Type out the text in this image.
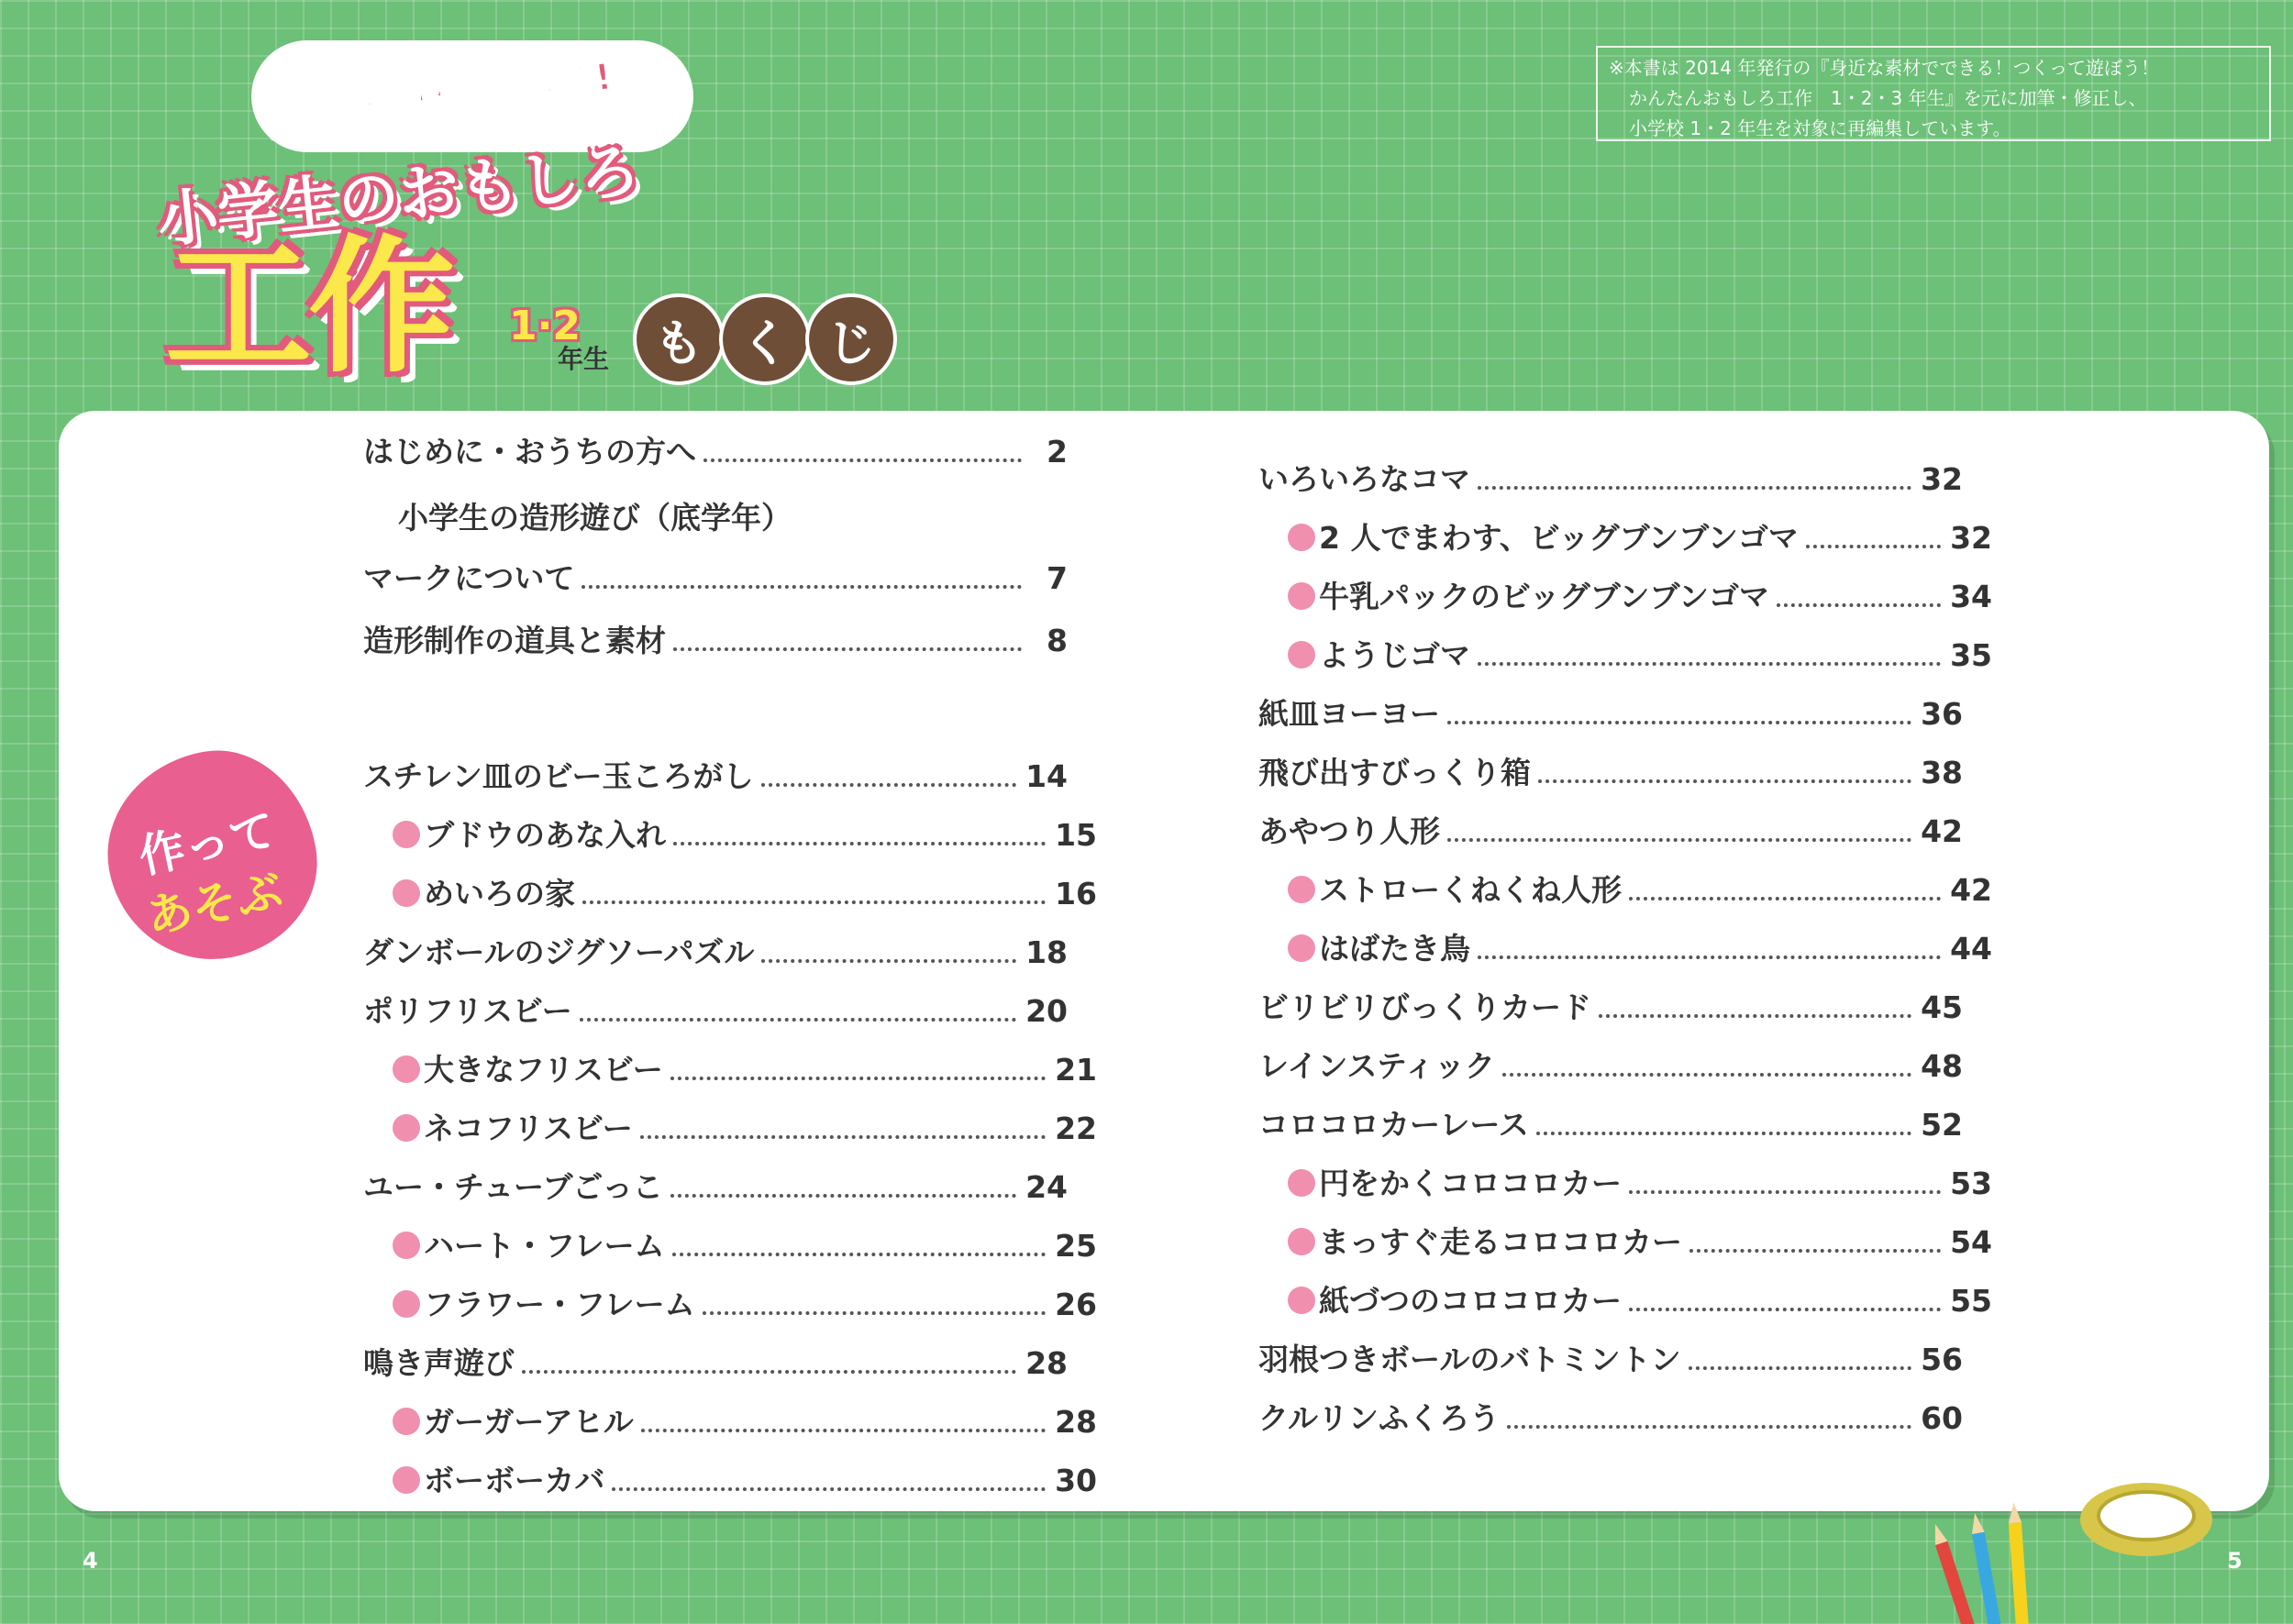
※本書は 2014 年発行の『身近な素材でできる！つくって遊ぼう！
かんたんおもしろ工作　1・2・3 年生』を元に加筆・修正し、
小学校 1・2 年生を対象に再編集しています。
身近な素材でできる!
小学生のおもしろ
工作 1·2
年生 も く じ
作って
あそぶ
はじめに・おうちの方へ	2
小学生の造形遊び（底学年）
マークについて	7
造形制作の道具と素材	8
スチレン皿のビー玉ころがし	14
ブドウのあな入れ	15
めいろの家	16
ダンボールのジグソーパズル	18
ポリフリスビー	20
大きなフリスビー	21
ネコフリスビー	22
ユー・チューブごっこ	24
ハート・フレーム	25
フラワー・フレーム	26
鳴き声遊び	28
ガーガーアヒル	28
ボーボーカバ	30
いろいろなコマ	32
2 人でまわす、ビッグブンブンゴマ	32
牛乳パックのビッグブンブンゴマ	34
ようじゴマ	35
紙皿ヨーヨー	36
飛び出すびっくり箱	38
あやつり人形	42
ストローくねくね人形	42
はばたき鳥	44
ビリビリびっくりカード	45
レインスティック	48
コロコロカーレース	52
円をかくコロコロカー	53
まっすぐ走るコロコロカー	54
紙づつのコロコロカー	55
羽根つきボールのバトミントン	56
クルリンふくろう	60
4	5
